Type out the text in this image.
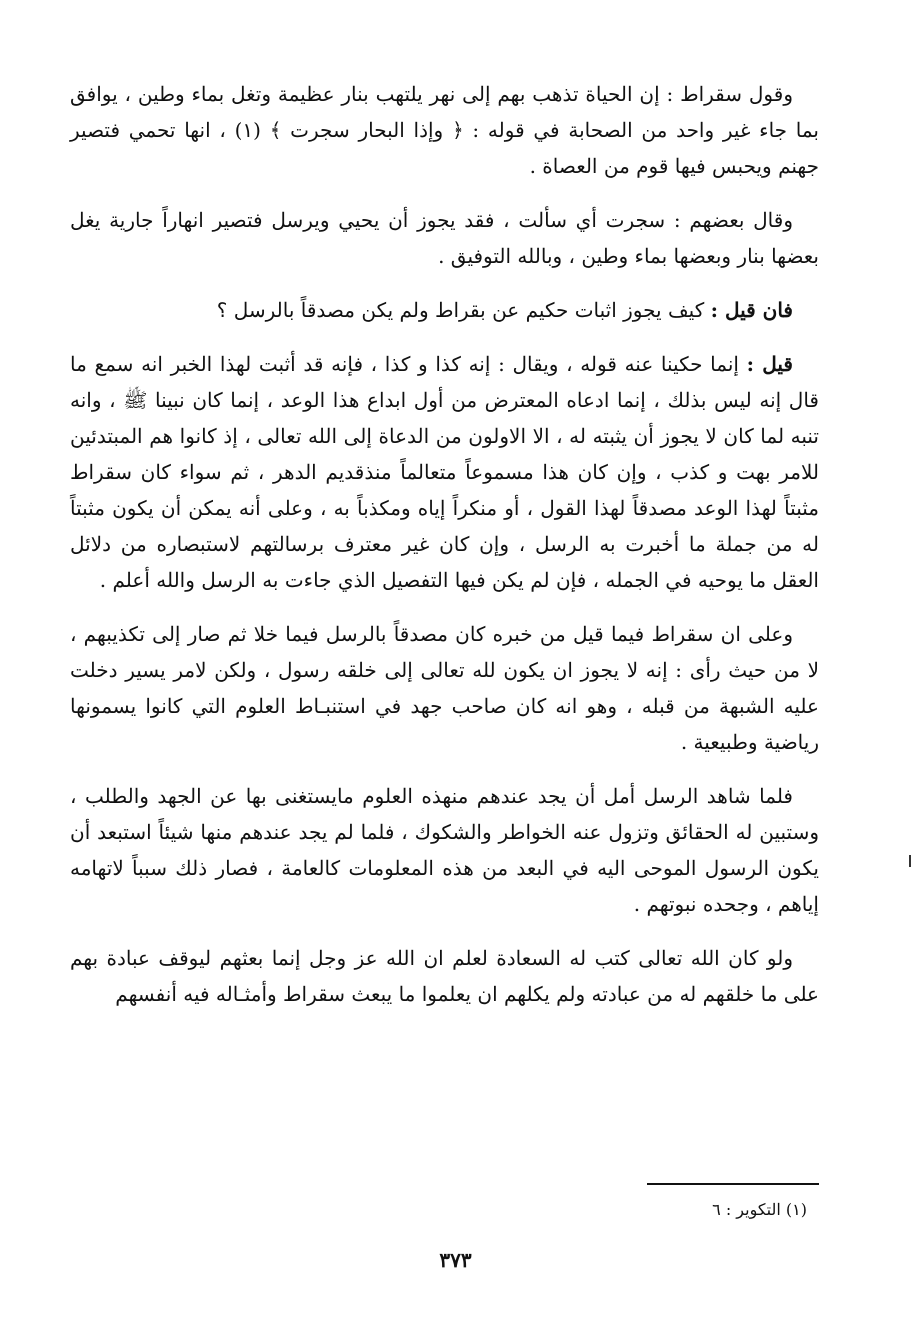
وقول سقراط : إن الحياة تذهب بهم إلى نهر يلتهب بنار عظيمة وتغل بماء وطين ، يوافق بما جاء غير واحد من الصحابة في قوله : ﴿ وإذا البحار سجرت ﴾ (١) ، انها تحمي فتصير جهنم ويحبس فيها قوم من العصاة .

وقال بعضهم : سجرت أي سألت ، فقد يجوز أن يحيي ويرسل فتصير انهاراً جارية يغل بعضها بنار وبعضها بماء وطين ، وبالله التوفيق .

فان قيل : كيف يجوز اثبات حكيم عن بقراط ولم يكن مصدقاً بالرسل ؟

قيل : إنما حكينا عنه قوله ، ويقال : إنه كذا و كذا ، فإنه قد أثبت لهذا الخبر انه سمع ما قال إنه ليس بذلك ، إنما ادعاه المعترض من أول ابداع هذا الوعد ، إنما كان نبينا ﷺ ، وانه تنبه لما كان لا يجوز أن يثبته له ، الا الاولون من الدعاة إلى الله تعالى ، إذ كانوا هم المبتدئين للامر بهت و كذب ، وإن كان هذا مسموعاً متعالماً منذقديم الدهر ، ثم سواء كان سقراط مثبتاً لهذا الوعد مصدقاً لهذا القول ، أو منكراً إياه ومكذباً به ، وعلى أنه يمكن أن يكون مثبتاً له من جملة ما أخبرت به الرسل ، وإن كان غير معترف برسالتهم لاستبصاره من دلائل العقل ما يوحيه في الجمله ، فإن لم يكن فيها التفصيل الذي جاءت به الرسل والله أعلم .

وعلى ان سقراط فيما قيل من خبره كان مصدقاً بالرسل فيما خلا ثم صار إلى تكذيبهم ، لا من حيث رأى : إنه لا يجوز ان يكون لله تعالى إلى خلقه رسول ، ولكن لامر يسير دخلت عليه الشبهة من قبله ، وهو انه كان صاحب جهد في استنبـاط العلوم التي كانوا يسمونها رياضية وطبيعية .

فلما شاهد الرسل أمل أن يجد عندهم منهذه العلوم مايستغنى بها عن الجهد والطلب ، وستبين له الحقائق وتزول عنه الخواطر والشكوك ، فلما لم يجد عندهم منها شيئاً استبعد أن يكون الرسول الموحى اليه في البعد من هذه المعلومات كالعامة ، فصار ذلك سبباً لاتهامه إياهم ، وجحده نبوتهم .

ولو كان الله تعالى كتب له السعادة لعلم ان الله عز وجل إنما بعثهم ليوقف عبادة بهم على ما خلقهم له من عبادته ولم يكلهم ان يعلموا ما يبعث سقراط وأمثـاله فيه أنفسهم

(١) التكوير : ٦
٣٧٣
